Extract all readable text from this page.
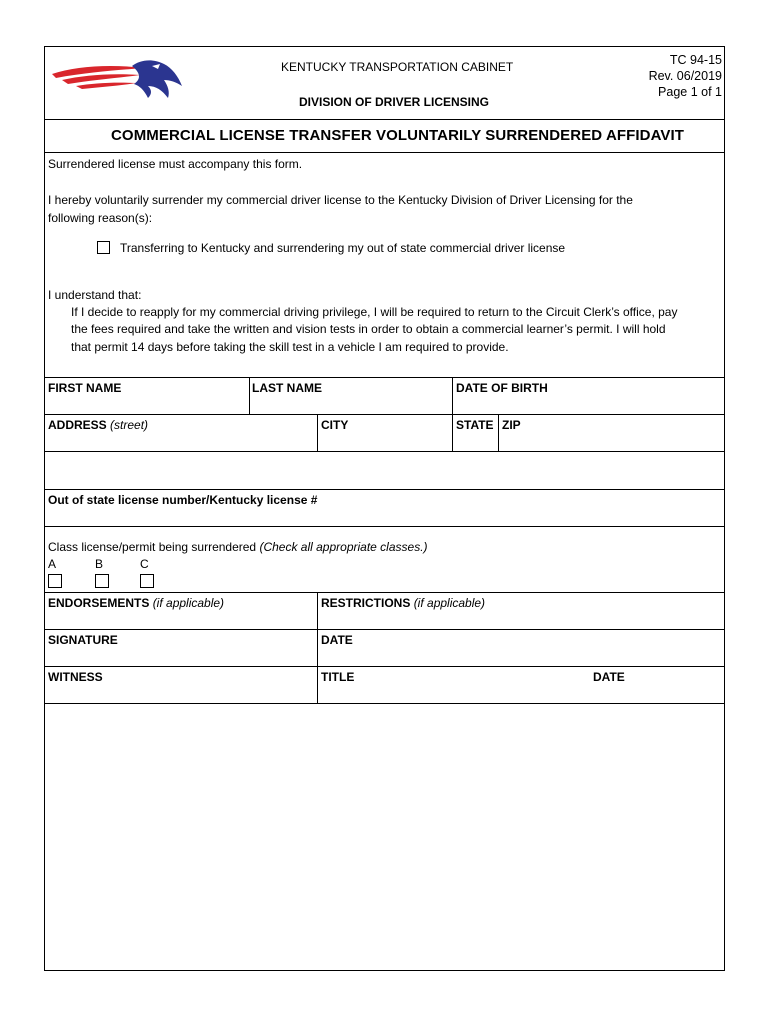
KENTUCKY TRANSPORTATION CABINET
DIVISION OF DRIVER LICENSING
TC 94-15
Rev. 06/2019
Page 1 of 1
COMMERCIAL LICENSE TRANSFER VOLUNTARILY SURRENDERED AFFIDAVIT
Surrendered license must accompany this form.
I hereby voluntarily surrender my commercial driver license to the Kentucky Division of Driver Licensing for the
following reason(s):
Transferring to Kentucky and surrendering my out of state commercial driver license
I understand that:
If I decide to reapply for my commercial driving privilege, I will be required to return to the Circuit Clerk’s office, pay
the fees required and take the written and vision tests in order to obtain a commercial learner’s permit. I will hold
that permit 14 days before taking the skill test in a vehicle I am required to provide.
FIRST NAME	LAST NAME	DATE OF BIRTH
ADDRESS (street)	CITY	STATE ZIP
Out of state license number/Kentucky license #
Class license/permit being surrendered (Check all appropriate classes.)
A	B	C
ENDORSEMENTS (if applicable)	RESTRICTIONS (if applicable)
SIGNATURE	DATE
WITNESS	TITLE	DATE
